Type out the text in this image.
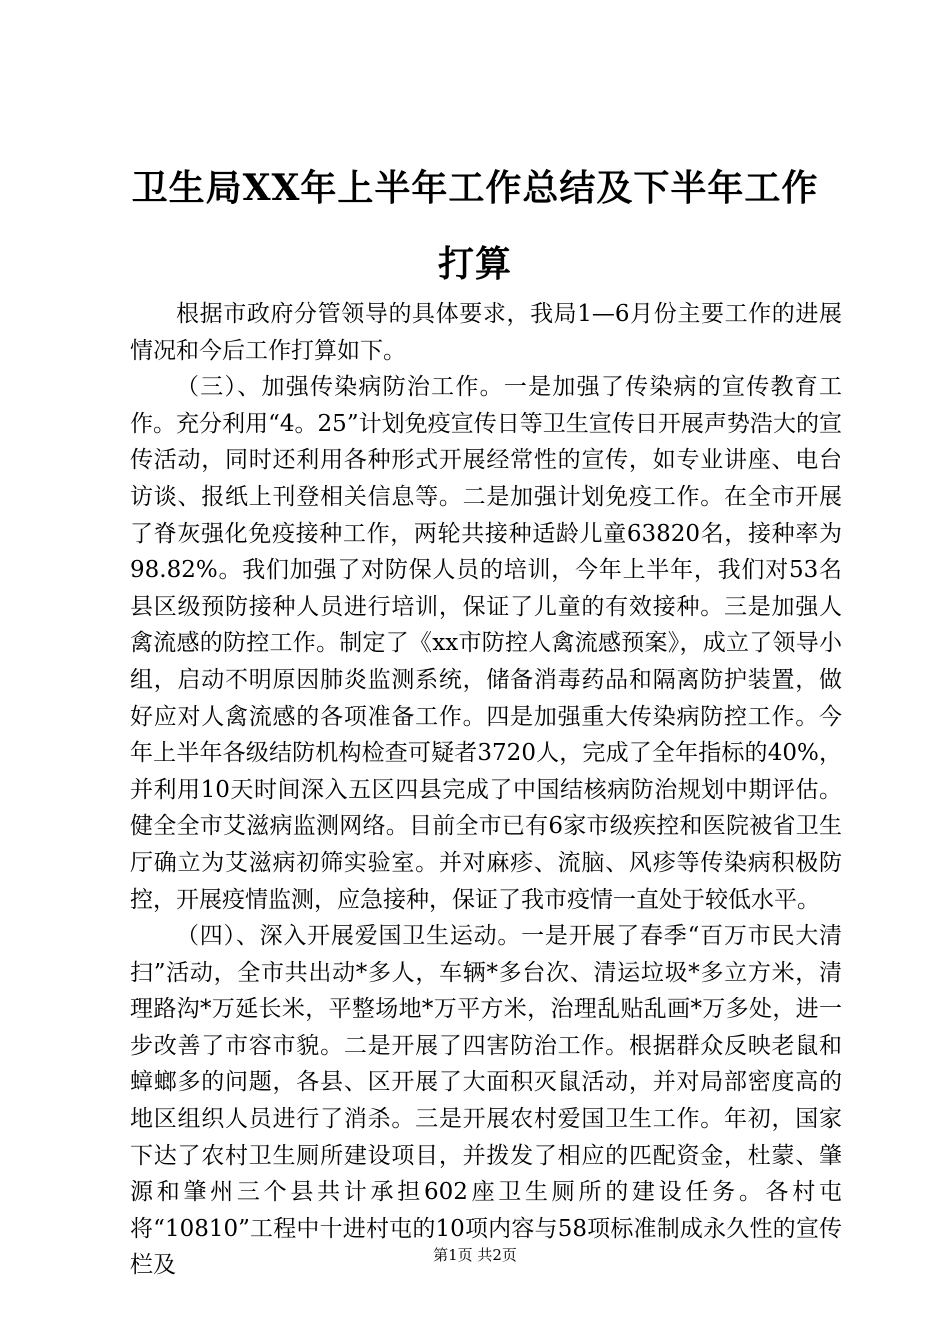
卫生局XX年上半年工作总结及下半年工作打算

根据市政府分管领导的具体要求，我局1—6月份主要工作的进展情况和今后工作打算如下。

（三）、加强传染病防治工作。一是加强了传染病的宣传教育工作。充分利用“4。25”计划免疫宣传日等卫生宣传日开展声势浩大的宣传活动，同时还利用各种形式开展经常性的宣传，如专业讲座、电台访谈、报纸上刊登相关信息等。二是加强计划免疫工作。在全市开展了脊灰强化免疫接种工作，两轮共接种适龄儿童63820名，接种率为98.82%。我们加强了对防保人员的培训，今年上半年，我们对53名县区级预防接种人员进行培训，保证了儿童的有效接种。三是加强人禽流感的防控工作。制定了《xx市防控人禽流感预案》，成立了领导小组，启动不明原因肺炎监测系统，储备消毒药品和隔离防护装置，做好应对人禽流感的各项准备工作。四是加强重大传染病防控工作。今年上半年各级结防机构检查可疑者3720人，完成了全年指标的40%，并利用10天时间深入五区四县完成了中国结核病防治规划中期评估。健全全市艾滋病监测网络。目前全市已有6家市级疾控和医院被省卫生厅确立为艾滋病初筛实验室。并对麻疹、流脑、风疹等传染病积极防控，开展疫情监测，应急接种，保证了我市疫情一直处于较低水平。

（四）、深入开展爱国卫生运动。一是开展了春季“百万市民大清扫”活动，全市共出动*多人，车辆*多台次、清运垃圾*多立方米，清理路沟*万延长米，平整场地*万平方米，治理乱贴乱画*万多处，进一步改善了市容市貌。二是开展了四害防治工作。根据群众反映老鼠和蟑螂多的问题，各县、区开展了大面积灭鼠活动，并对局部密度高的地区组织人员进行了消杀。三是开展农村爱国卫生工作。年初，国家下达了农村卫生厕所建设项目，并拨发了相应的匹配资金，杜蒙、肇源和肇州三个县共计承担602座卫生厕所的建设任务。各村屯将“10810”工程中十进村屯的10项内容与58项标准制成永久性的宣传栏及	第1页 共2页
